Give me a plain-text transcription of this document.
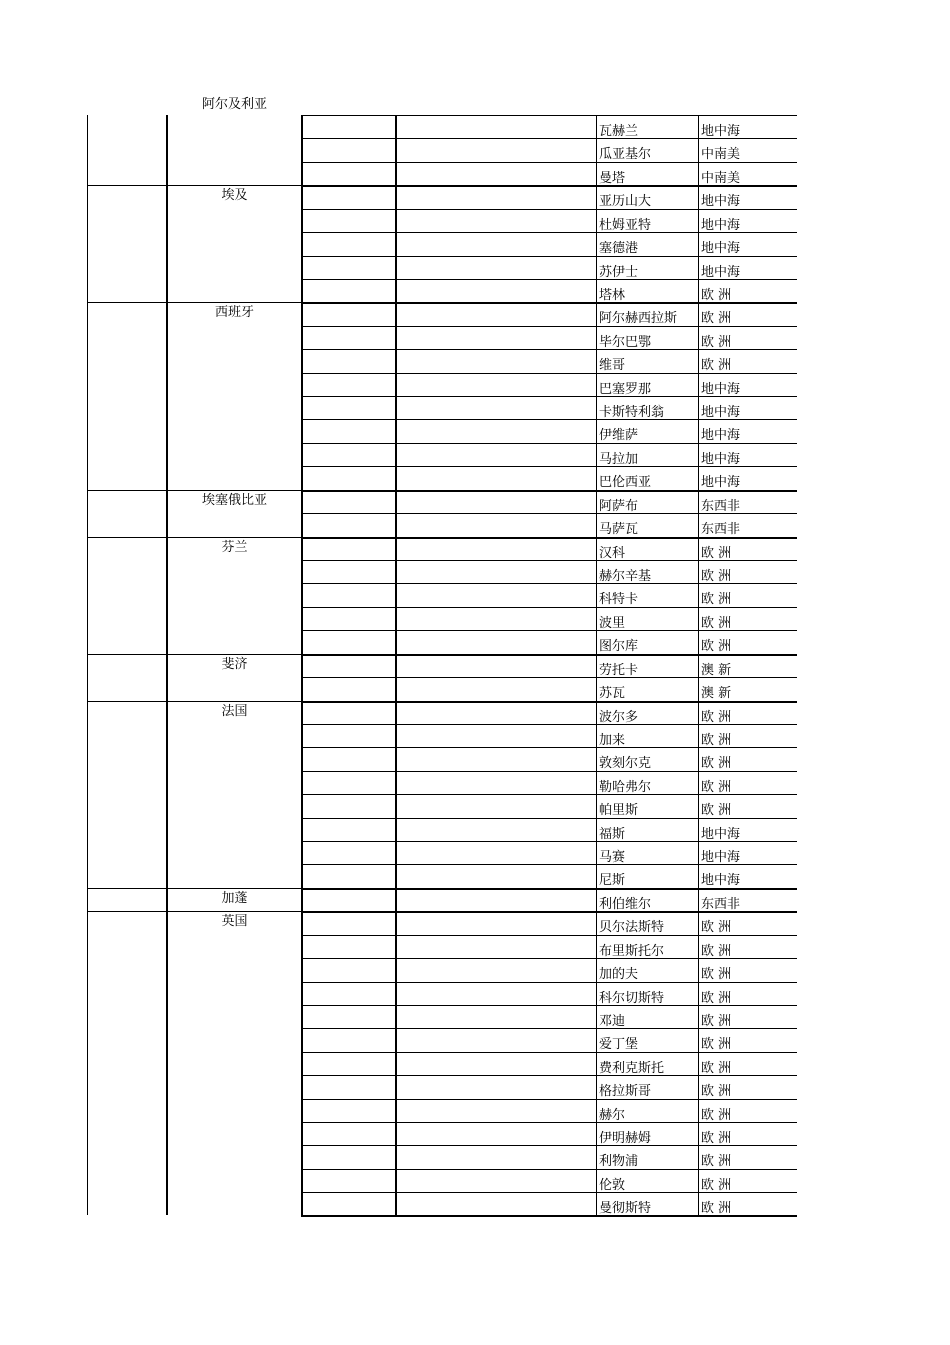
阿尔及利亚
瓦赫兰	地中海
瓜亚基尔	中南美
曼塔	中南美
埃及	亚历山大	地中海
杜姆亚特	地中海
塞德港	地中海
苏伊士	地中海
塔林	欧 洲
西班牙	阿尔赫西拉斯 欧 洲
毕尔巴鄂	欧 洲
维哥	欧 洲
巴塞罗那	地中海
卡斯特利翁	地中海
伊维萨	地中海
马拉加	地中海
巴伦西亚	地中海
埃塞俄比亚	阿萨布	东西非
马萨瓦	东西非
芬兰	汉科	欧 洲
赫尔辛基	欧 洲
科特卡	欧 洲
波里	欧 洲
图尔库	欧 洲
斐济	劳托卡	澳 新
苏瓦	澳 新
法国	波尔多	欧 洲
加来	欧 洲
敦刻尔克	欧 洲
勒哈弗尔	欧 洲
帕里斯	欧 洲
福斯	地中海
马赛	地中海
尼斯	地中海
加蓬	利伯维尔	东西非
英国	贝尔法斯特	欧 洲
布里斯托尔	欧 洲
加的夫	欧 洲
科尔切斯特	欧 洲
邓迪	欧 洲
爱丁堡	欧 洲
费利克斯托	欧 洲
格拉斯哥	欧 洲
赫尔	欧 洲
伊明赫姆	欧 洲
利物浦	欧 洲
伦敦	欧 洲
曼彻斯特	欧 洲
